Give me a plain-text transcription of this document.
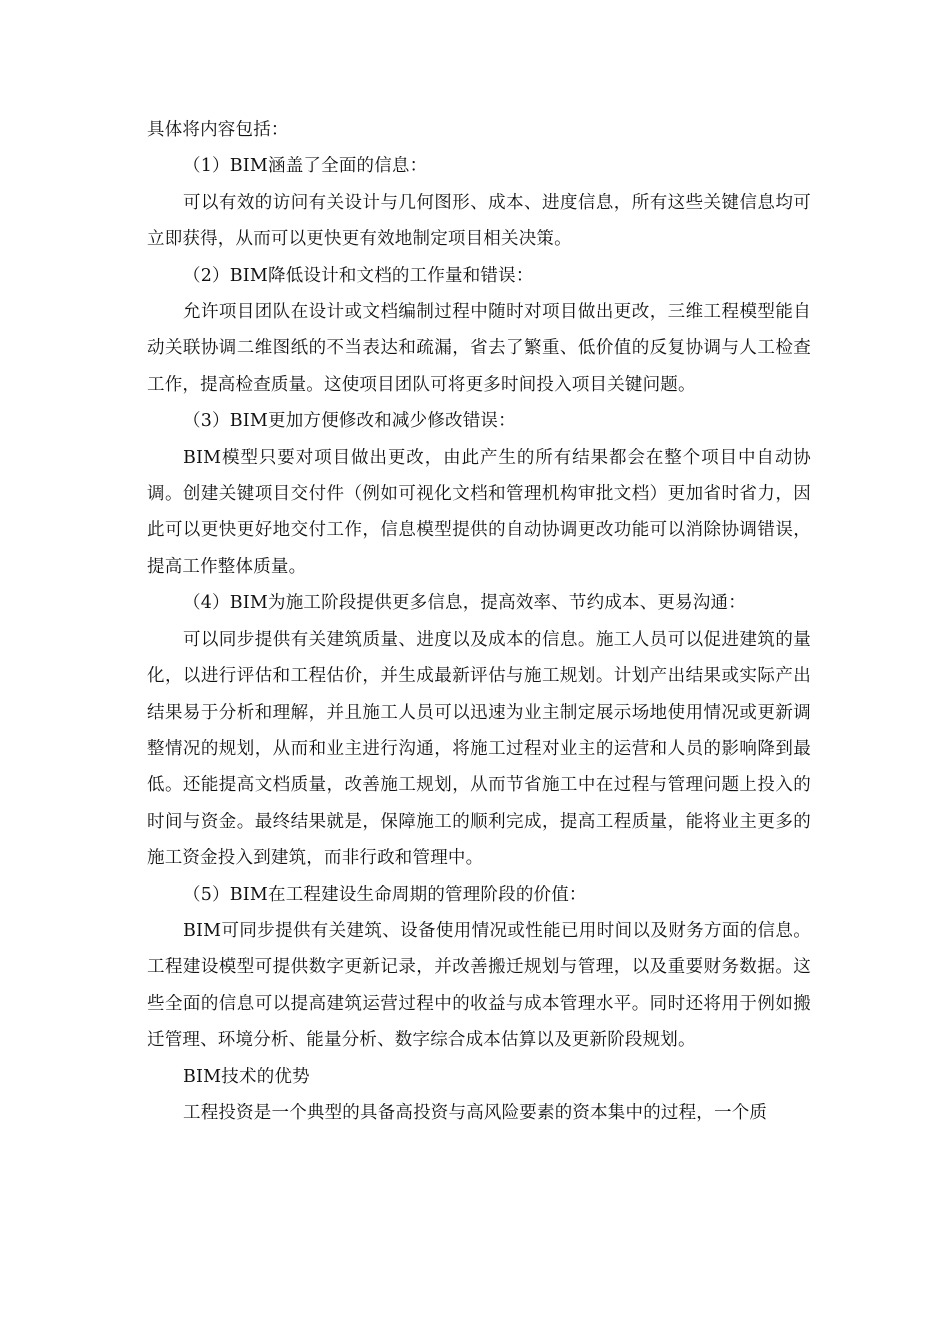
具体将内容包括：

（1）BIM涵盖了全面的信息：

可以有效的访问有关设计与几何图形、成本、进度信息，所有这些关键信息均可立即获得，从而可以更快更有效地制定项目相关决策。

（2）BIM降低设计和文档的工作量和错误：

允许项目团队在设计或文档编制过程中随时对项目做出更改，三维工程模型能自动关联协调二维图纸的不当表达和疏漏，省去了繁重、低价值的反复协调与人工检查工作，提高检查质量。这使项目团队可将更多时间投入项目关键问题。

（3）BIM更加方便修改和减少修改错误：

BIM模型只要对项目做出更改，由此产生的所有结果都会在整个项目中自动协调。创建关键项目交付件（例如可视化文档和管理机构审批文档）更加省时省力，因此可以更快更好地交付工作，信息模型提供的自动协调更改功能可以消除协调错误，提高工作整体质量。

（4）BIM为施工阶段提供更多信息，提高效率、节约成本、更易沟通：

可以同步提供有关建筑质量、进度以及成本的信息。施工人员可以促进建筑的量化，以进行评估和工程估价，并生成最新评估与施工规划。计划产出结果或实际产出结果易于分析和理解，并且施工人员可以迅速为业主制定展示场地使用情况或更新调整情况的规划，从而和业主进行沟通，将施工过程对业主的运营和人员的影响降到最低。还能提高文档质量，改善施工规划，从而节省施工中在过程与管理问题上投入的时间与资金。最终结果就是，保障施工的顺利完成，提高工程质量，能将业主更多的施工资金投入到建筑，而非行政和管理中。

（5）BIM在工程建设生命周期的管理阶段的价值：

BIM可同步提供有关建筑、设备使用情况或性能已用时间以及财务方面的信息。工程建设模型可提供数字更新记录，并改善搬迁规划与管理，以及重要财务数据。这些全面的信息可以提高建筑运营过程中的收益与成本管理水平。同时还将用于例如搬迁管理、环境分析、能量分析、数字综合成本估算以及更新阶段规划。

BIM技术的优势

工程投资是一个典型的具备高投资与高风险要素的资本集中的过程，一个质
